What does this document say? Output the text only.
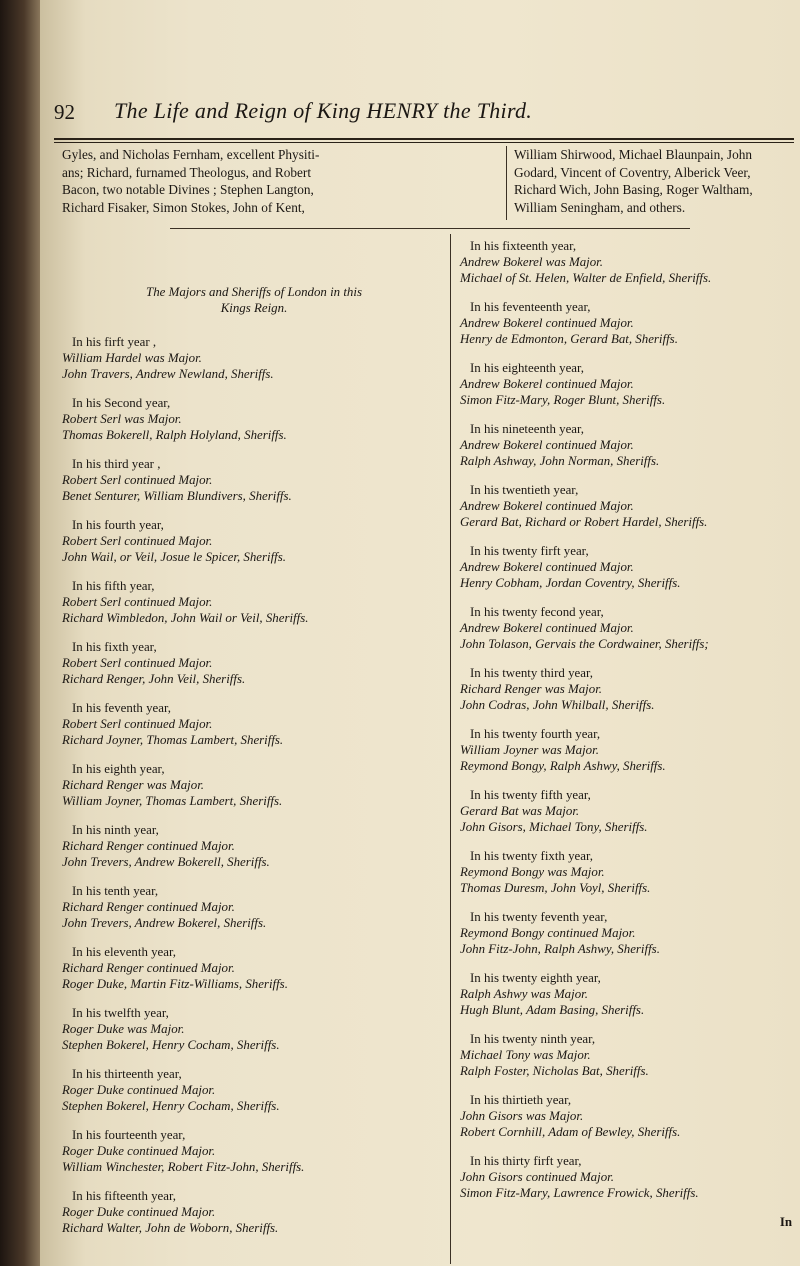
92 The Life and Reign of King HENRY the Third.
Gyles, and Nicholas Fernham, excellent Physiti-
ans; Richard, furnamed Theologus, and Robert
Bacon, two notable Divines ; Stephen Langton,
Richard Fisaker, Simon Stokes, John of Kent,
William Shirwood, Michael Blaunpain, John
Godard, Vincent of Coventry, Alberick Veer,
Richard Wich, John Basing, Roger Waltham,
William Seningham, and others.
The Majors and Sheriffs of London in this
Kings Reign.
In his firft year ,
William Hardel was Major.
John Travers, Andrew Newland, Sheriffs.
In his Second year,
Robert Serl was Major.
Thomas Bokerell, Ralph Holyland, Sheriffs.
In his third year ,
Robert Serl continued Major.
Benet Senturer, William Blundivers, Sheriffs.
In his fourth year,
Robert Serl continued Major.
John Wail, or Veil, Josue le Spicer, Sheriffs.
In his fifth year,
Robert Serl continued Major.
Richard Wimbledon, John Wail or Veil, Sheriffs.
In his fixth year,
Robert Serl continued Major.
Richard Renger, John Veil, Sheriffs.
In his feventh year,
Robert Serl continued Major.
Richard Joyner, Thomas Lambert, Sheriffs.
In his eighth year,
Richard Renger was Major.
William Joyner, Thomas Lambert, Sheriffs.
In his ninth year,
Richard Renger continued Major.
John Trevers, Andrew Bokerell, Sheriffs.
In his tenth year,
Richard Renger continued Major.
John Trevers, Andrew Bokerel, Sheriffs.
In his eleventh year,
Richard Renger continued Major.
Roger Duke, Martin Fitz-Williams, Sheriffs.
In his twelfth year,
Roger Duke was Major.
Stephen Bokerel, Henry Cocham, Sheriffs.
In his thirteenth year,
Roger Duke continued Major.
Stephen Bokerel, Henry Cocham, Sheriffs.
In his fourteenth year,
Roger Duke continued Major.
William Winchester, Robert Fitz-John, Sheriffs.
In his fifteenth year,
Roger Duke continued Major.
Richard Walter, John de Woborn, Sheriffs.
In his fixteenth year,
Andrew Bokerel was Major.
Michael of St. Helen, Walter de Enfield, Sheriffs.
In his feventeenth year,
Andrew Bokerel continued Major.
Henry de Edmonton, Gerard Bat, Sheriffs.
In his eighteenth year,
Andrew Bokerel continued Major.
Simon Fitz-Mary, Roger Blunt, Sheriffs.
In his nineteenth year,
Andrew Bokerel continued Major.
Ralph Ashway, John Norman, Sheriffs.
In his twentieth year,
Andrew Bokerel continued Major.
Gerard Bat, Richard or Robert Hardel, Sheriffs.
In his twenty firft year,
Andrew Bokerel continued Major.
Henry Cobham, Jordan Coventry, Sheriffs.
In his twenty fecond year,
Andrew Bokerel continued Major.
John Tolason, Gervais the Cordwainer, Sheriffs;
In his twenty third year,
Richard Renger was Major.
John Codras, John Whilball, Sheriffs.
In his twenty fourth year,
William Joyner was Major.
Reymond Bongy, Ralph Ashwy, Sheriffs.
In his twenty fifth year,
Gerard Bat was Major.
John Gisors, Michael Tony, Sheriffs.
In his twenty fixth year,
Reymond Bongy was Major.
Thomas Duresm, John Voyl, Sheriffs.
In his twenty feventh year,
Reymond Bongy continued Major.
John Fitz-John, Ralph Ashwy, Sheriffs.
In his twenty eighth year,
Ralph Ashwy was Major.
Hugh Blunt, Adam Basing, Sheriffs.
In his twenty ninth year,
Michael Tony was Major.
Ralph Foster, Nicholas Bat, Sheriffs.
In his thirtieth year,
John Gisors was Major.
Robert Cornhill, Adam of Bewley, Sheriffs.
In his thirty firft year,
John Gisors continued Major.
Simon Fitz-Mary, Lawrence Frowick, Sheriffs.
In
